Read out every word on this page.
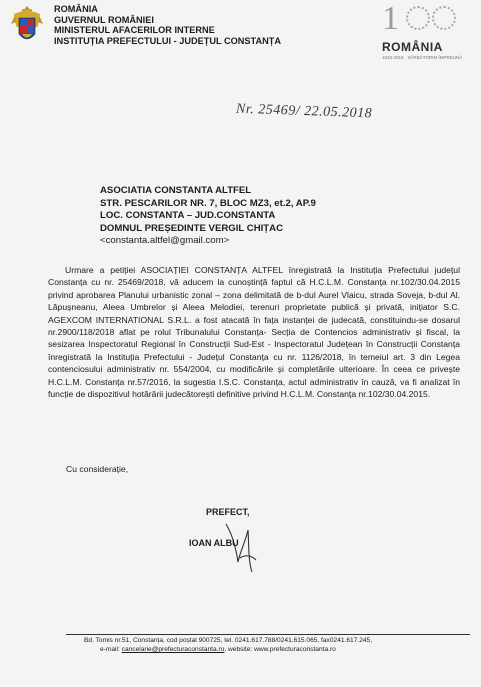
ROMÂNIA
GUVERNUL ROMÂNIEI
MINISTERUL AFACERILOR INTERNE
INSTITUȚIA PREFECTULUI - JUDEȚUL CONSTANȚA
1
ROMÂNIA
1918-2018 · SĂRBĂTORIM ÎMPREUNĂ
Nr. 25469/ 22.05.2018
ASOCIATIA CONSTANTA ALTFEL
STR. PESCARILOR NR. 7, BLOC MZ3, et.2, AP.9
LOC. CONSTANTA – JUD.CONSTANTA
DOMNUL PREȘEDINTE VERGIL CHIȚAC
<constanta.altfel@gmail.com>

Urmare a petiției ASOCIAȚIEI CONSTANȚA ALTFEL înregistrată la Instituția Prefectului județul Constanța cu nr. 25469/2018, vă aducem la cunoștință faptul că H.C.L.M. Constanța nr.102/30.04.2015 privind aprobarea Planului urbanistic zonal – zona delimitată de b-dul Aurel Vlaicu, strada Soveja, b-dul Al. Lăpușneanu, Aleea Umbrelor și Aleea Melodiei, terenuri proprietate publică și privată, inițiator S.C. AGEXCOM INTERNATIONAL S.R.L. a fost atacată în fața instanței de judecată, constituindu-se dosarul nr.2900/118/2018 aflat pe rolul Tribunalului Constanța- Secția de Contencios administrativ și fiscal, la sesizarea Inspectoratul Regional în Construcții Sud-Est - Inspectoratul Județean în Construcții Constanța înregistrată la Instituția Prefectului - Județul Constanța cu nr. 1126/2018, în temeiul art. 3 din Legea contenciosului administrativ nr. 554/2004, cu modificările și completările ulterioare. În ceea ce privește H.C.L.M. Constanța nr.57/2016, la sugestia I.S.C. Constanța, actul administrativ în cauză, va fi analizat în funcție de dispozitivul hotărârii judecătorești definitive privind H.C.L.M. Constanța nr.102/30.04.2015.

Cu considerație,
PREFECT,
IOAN ALBU
Bd. Tomis nr.51, Constanța, cod poștal 900725, tel. 0241.617.788/0241.615.065, fax0241.617.245,
e-mail: cancelarie@prefecturaconstanta.ro, website: www.prefecturaconstanta.ro
